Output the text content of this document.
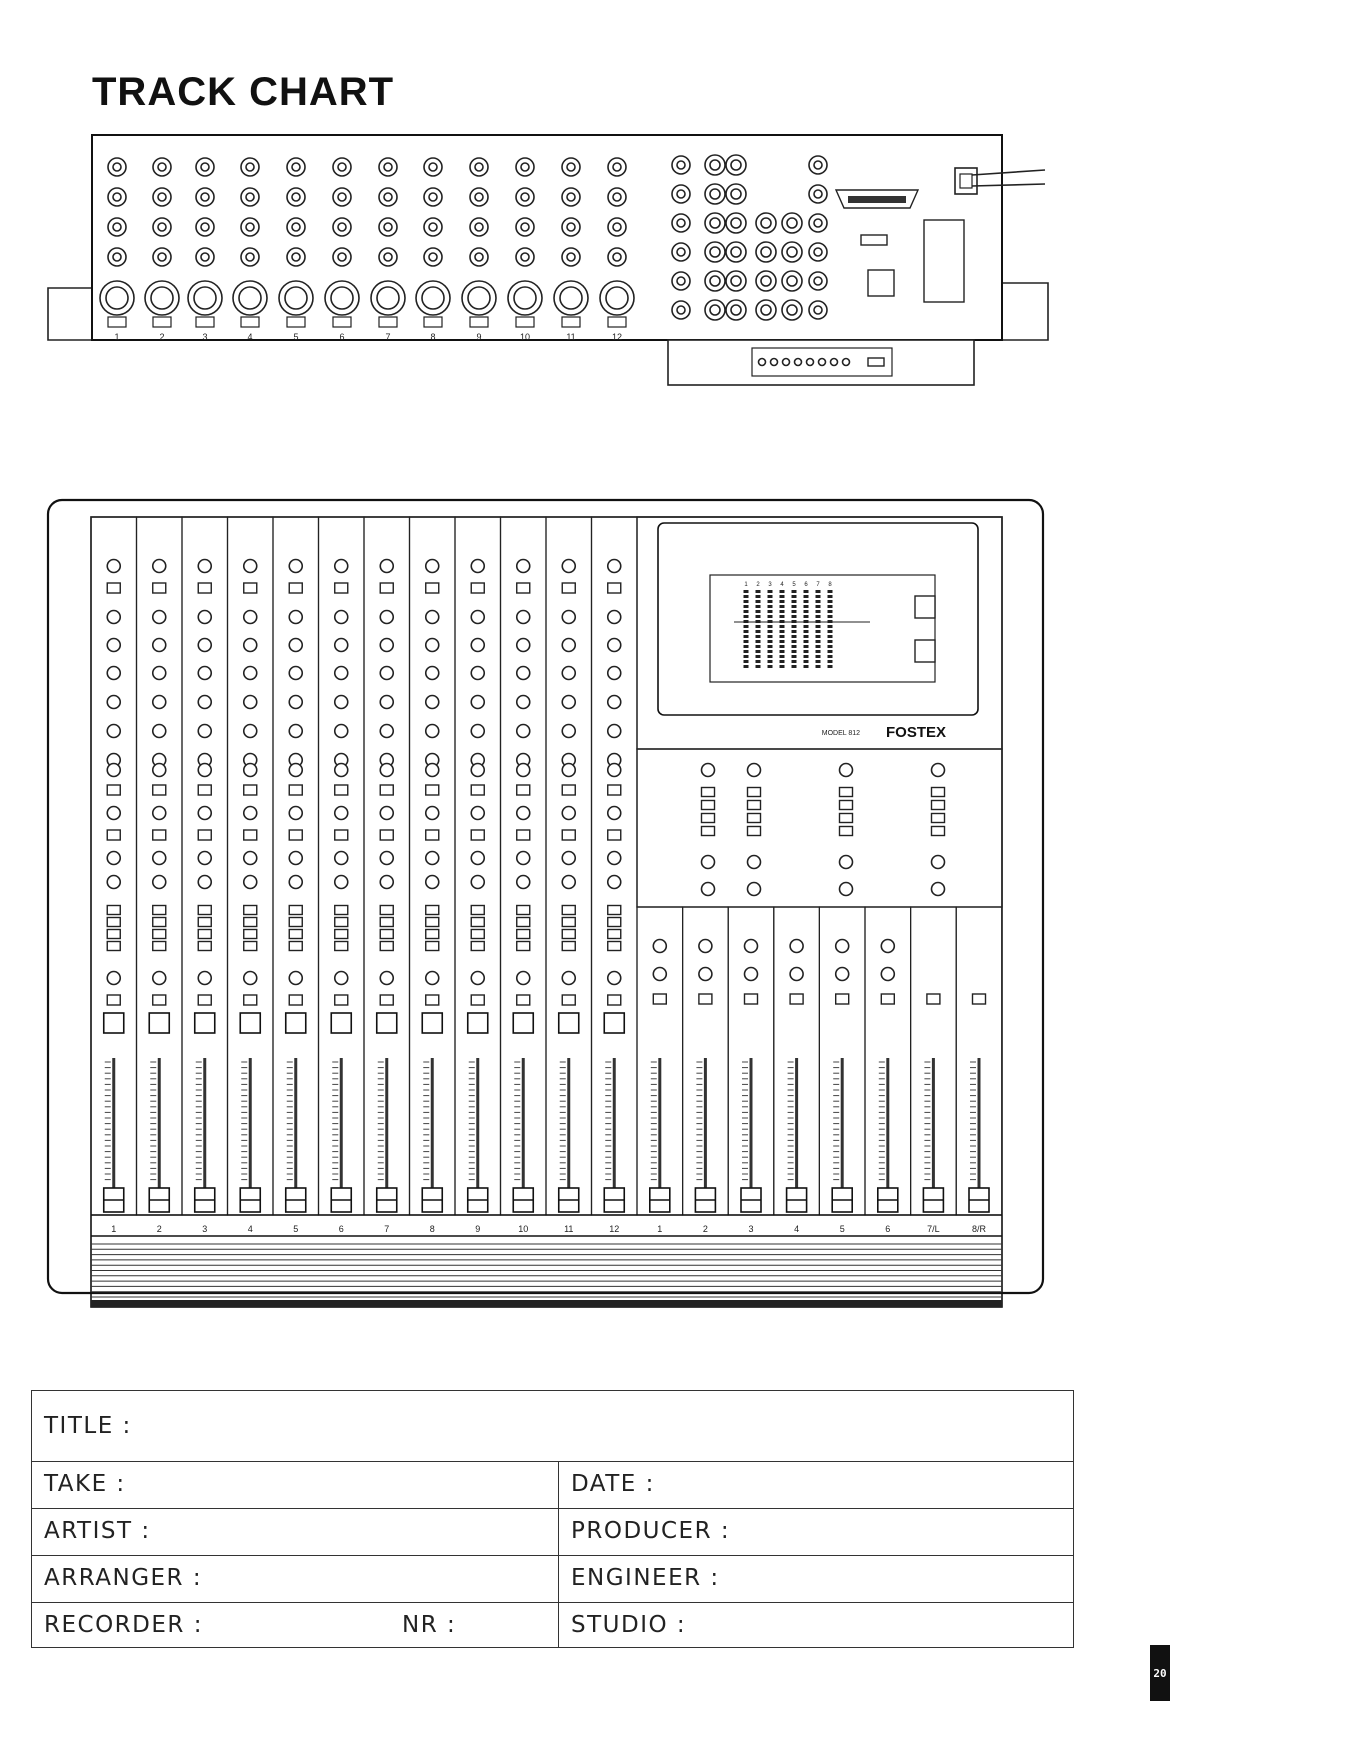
TRACK CHART
1	2	3	4	5	6	7	8	9	10	11	12
1	2	3	4	5	6	7	8	9	10	11	12
1 2 3 4 5 6 7 8
MODEL 812 FOSTEX
1	2	3	4	5	6	7/L	8/R
TITLE :
TAKE :	DATE :
ARTIST :	PRODUCER :
ARRANGER :	ENGINEER :
RECORDER :	NR :	STUDIO :
20
